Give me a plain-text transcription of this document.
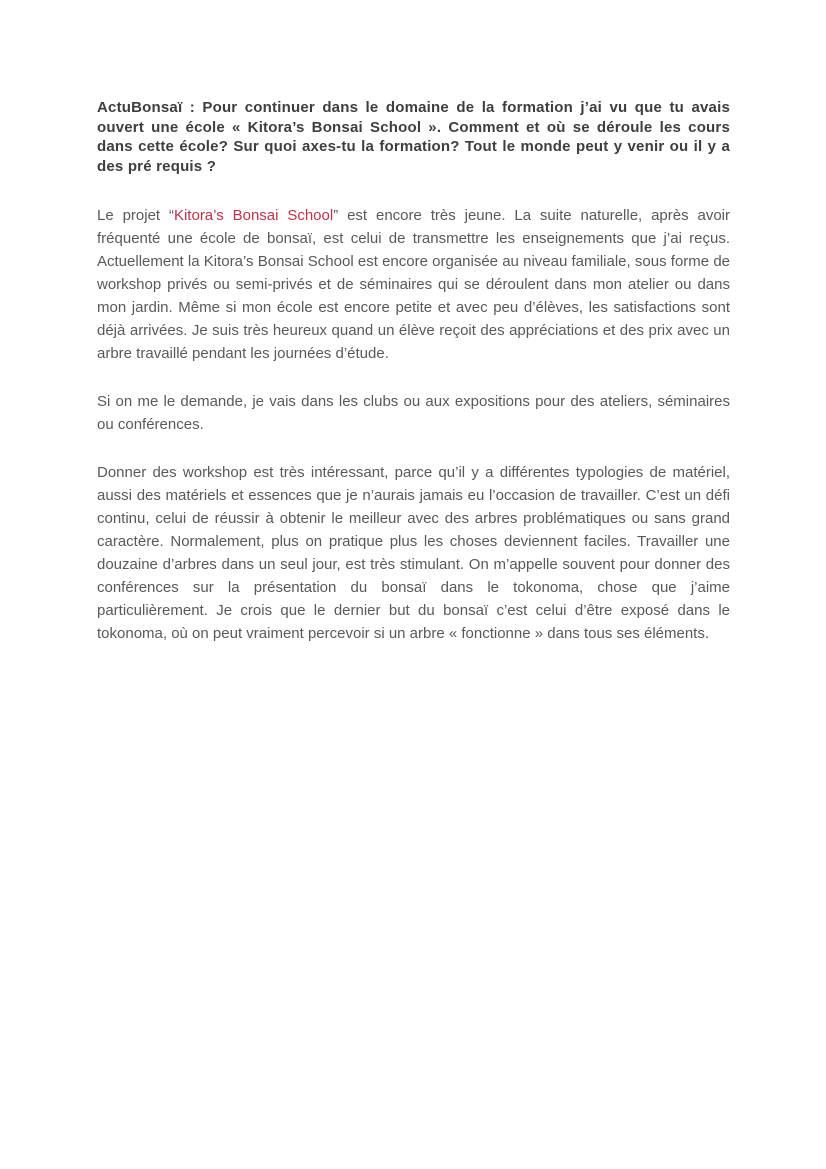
ActuBonsaï : Pour continuer dans le domaine de la formation j’ai vu que tu avais ouvert une école « Kitora’s Bonsai School ». Comment et où se déroule les cours dans cette école? Sur quoi axes-tu la formation? Tout le monde peut y venir ou il y a des pré requis ?

Le projet “Kitora’s Bonsai School” est encore très jeune. La suite naturelle, après avoir fréquenté une école de bonsaï, est celui de transmettre les enseignements que j’ai reçus. Actuellement la Kitora’s Bonsai School est encore organisée au niveau familiale, sous forme de workshop privés ou semi-privés et de séminaires qui se déroulent dans mon atelier ou dans mon jardin. Même si mon école est encore petite et avec peu d’élèves, les satisfactions sont déjà arrivées. Je suis très heureux quand un élève reçoit des appréciations et des prix avec un arbre travaillé pendant les journées d’étude.

Si on me le demande, je vais dans les clubs ou aux expositions pour des ateliers, séminaires ou conférences.

Donner des workshop est très intéressant, parce qu’il y a différentes typologies de matériel, aussi des matériels et essences que je n’aurais jamais eu l’occasion de travailler. C’est un défi continu, celui de réussir à obtenir le meilleur avec des arbres problématiques ou sans grand caractère. Normalement, plus on pratique plus les choses deviennent faciles. Travailler une douzaine d’arbres dans un seul jour, est très stimulant. On m’appelle souvent pour donner des conférences sur la présentation du bonsaï dans le tokonoma, chose que j’aime particulièrement. Je crois que le dernier but du bonsaï c’est celui d’être exposé dans le tokonoma, où on peut vraiment percevoir si un arbre « fonctionne » dans tous ses éléments.
